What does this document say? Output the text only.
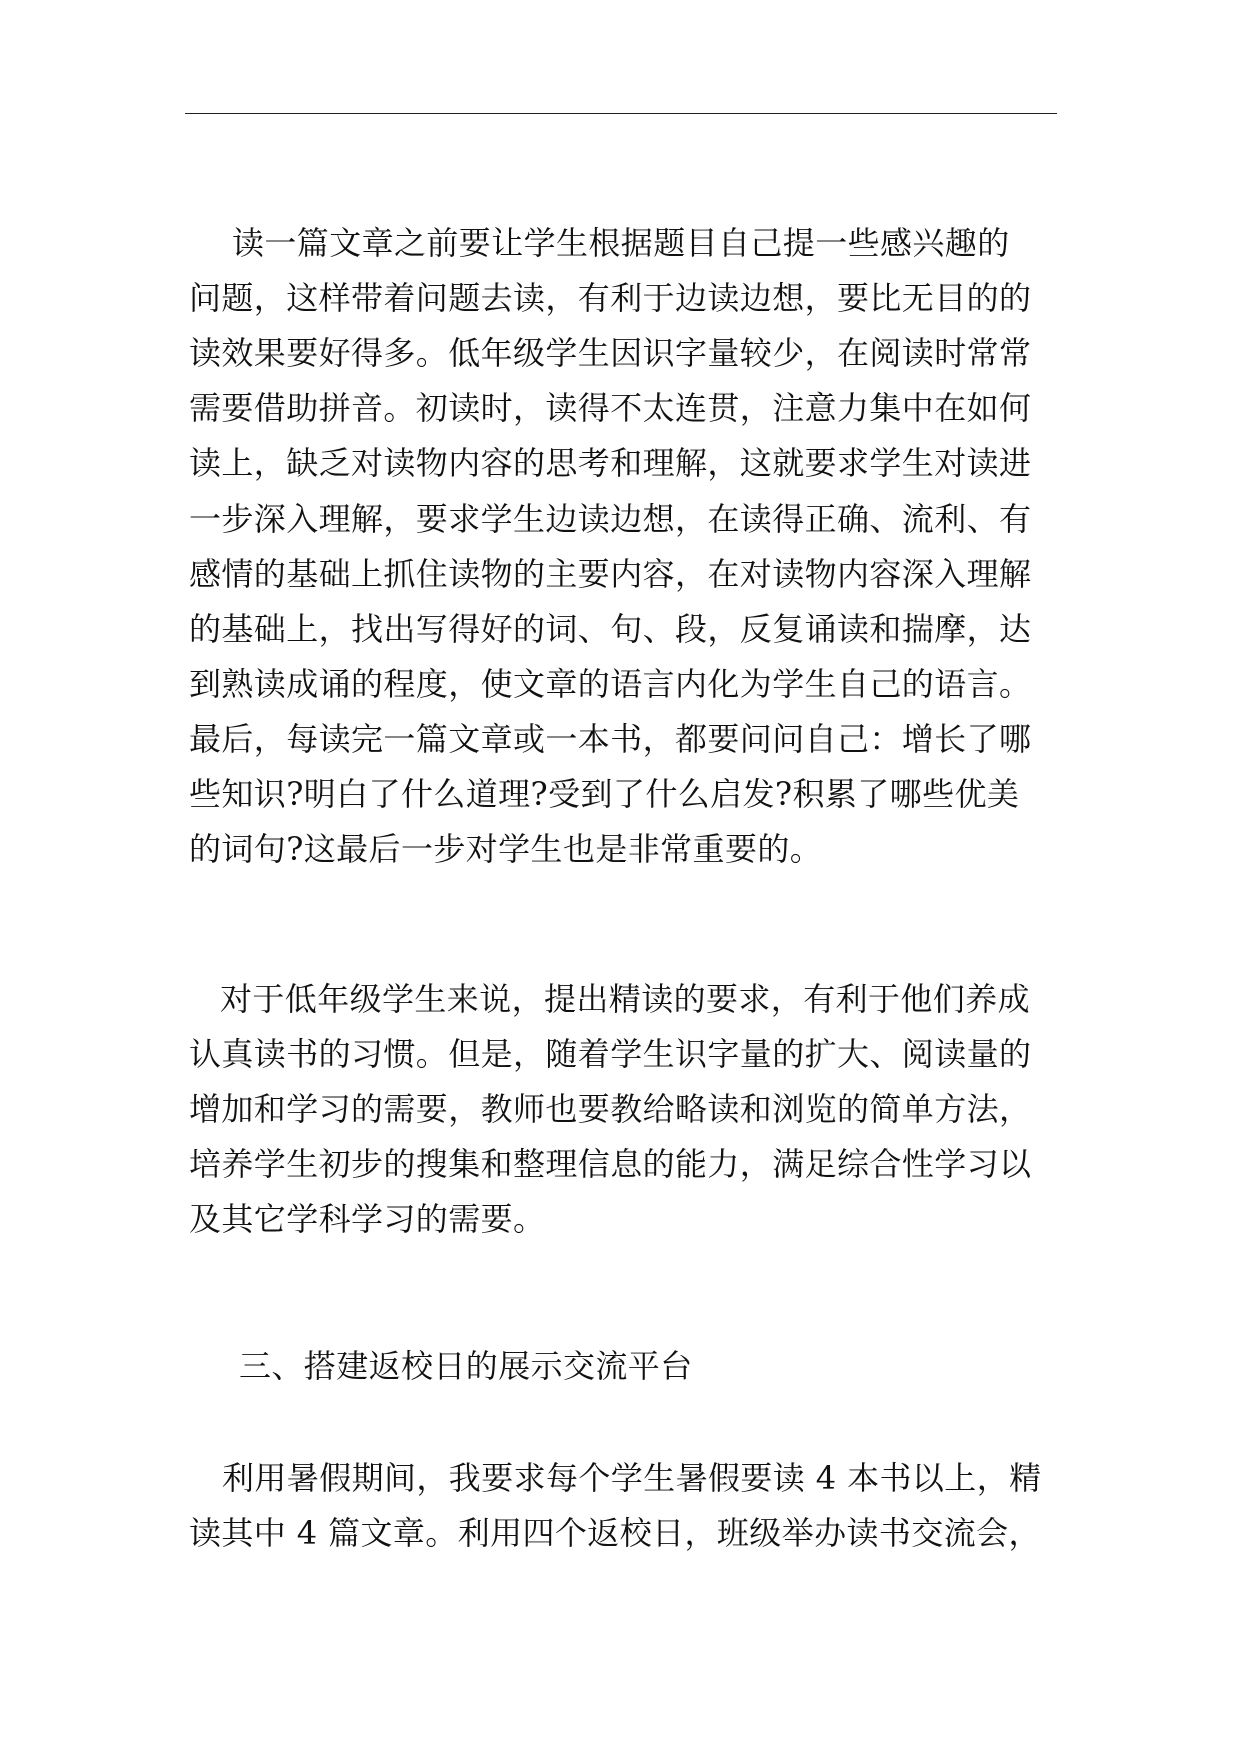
读一篇文章之前要让学生根据题目自己提一些感兴趣的
问题，这样带着问题去读，有利于边读边想，要比无目的的
读效果要好得多。低年级学生因识字量较少，在阅读时常常
需要借助拼音。初读时，读得不太连贯，注意力集中在如何
读上，缺乏对读物内容的思考和理解，这就要求学生对读进
一步深入理解，要求学生边读边想，在读得正确、流利、有
感情的基础上抓住读物的主要内容，在对读物内容深入理解
的基础上，找出写得好的词、句、段，反复诵读和揣摩，达
到熟读成诵的程度，使文章的语言内化为学生自己的语言。
最后，每读完一篇文章或一本书，都要问问自己：增长了哪
些知识?明白了什么道理?受到了什么启发?积累了哪些优美
的词句?这最后一步对学生也是非常重要的。
对于低年级学生来说，提出精读的要求，有利于他们养成
认真读书的习惯。但是，随着学生识字量的扩大、阅读量的
增加和学习的需要，教师也要教给略读和浏览的简单方法，
培养学生初步的搜集和整理信息的能力，满足综合性学习以
及其它学科学习的需要。
三、搭建返校日的展示交流平台
利用暑假期间，我要求每个学生暑假要读 4 本书以上，精
读其中 4 篇文章。利用四个返校日，班级举办读书交流会，
